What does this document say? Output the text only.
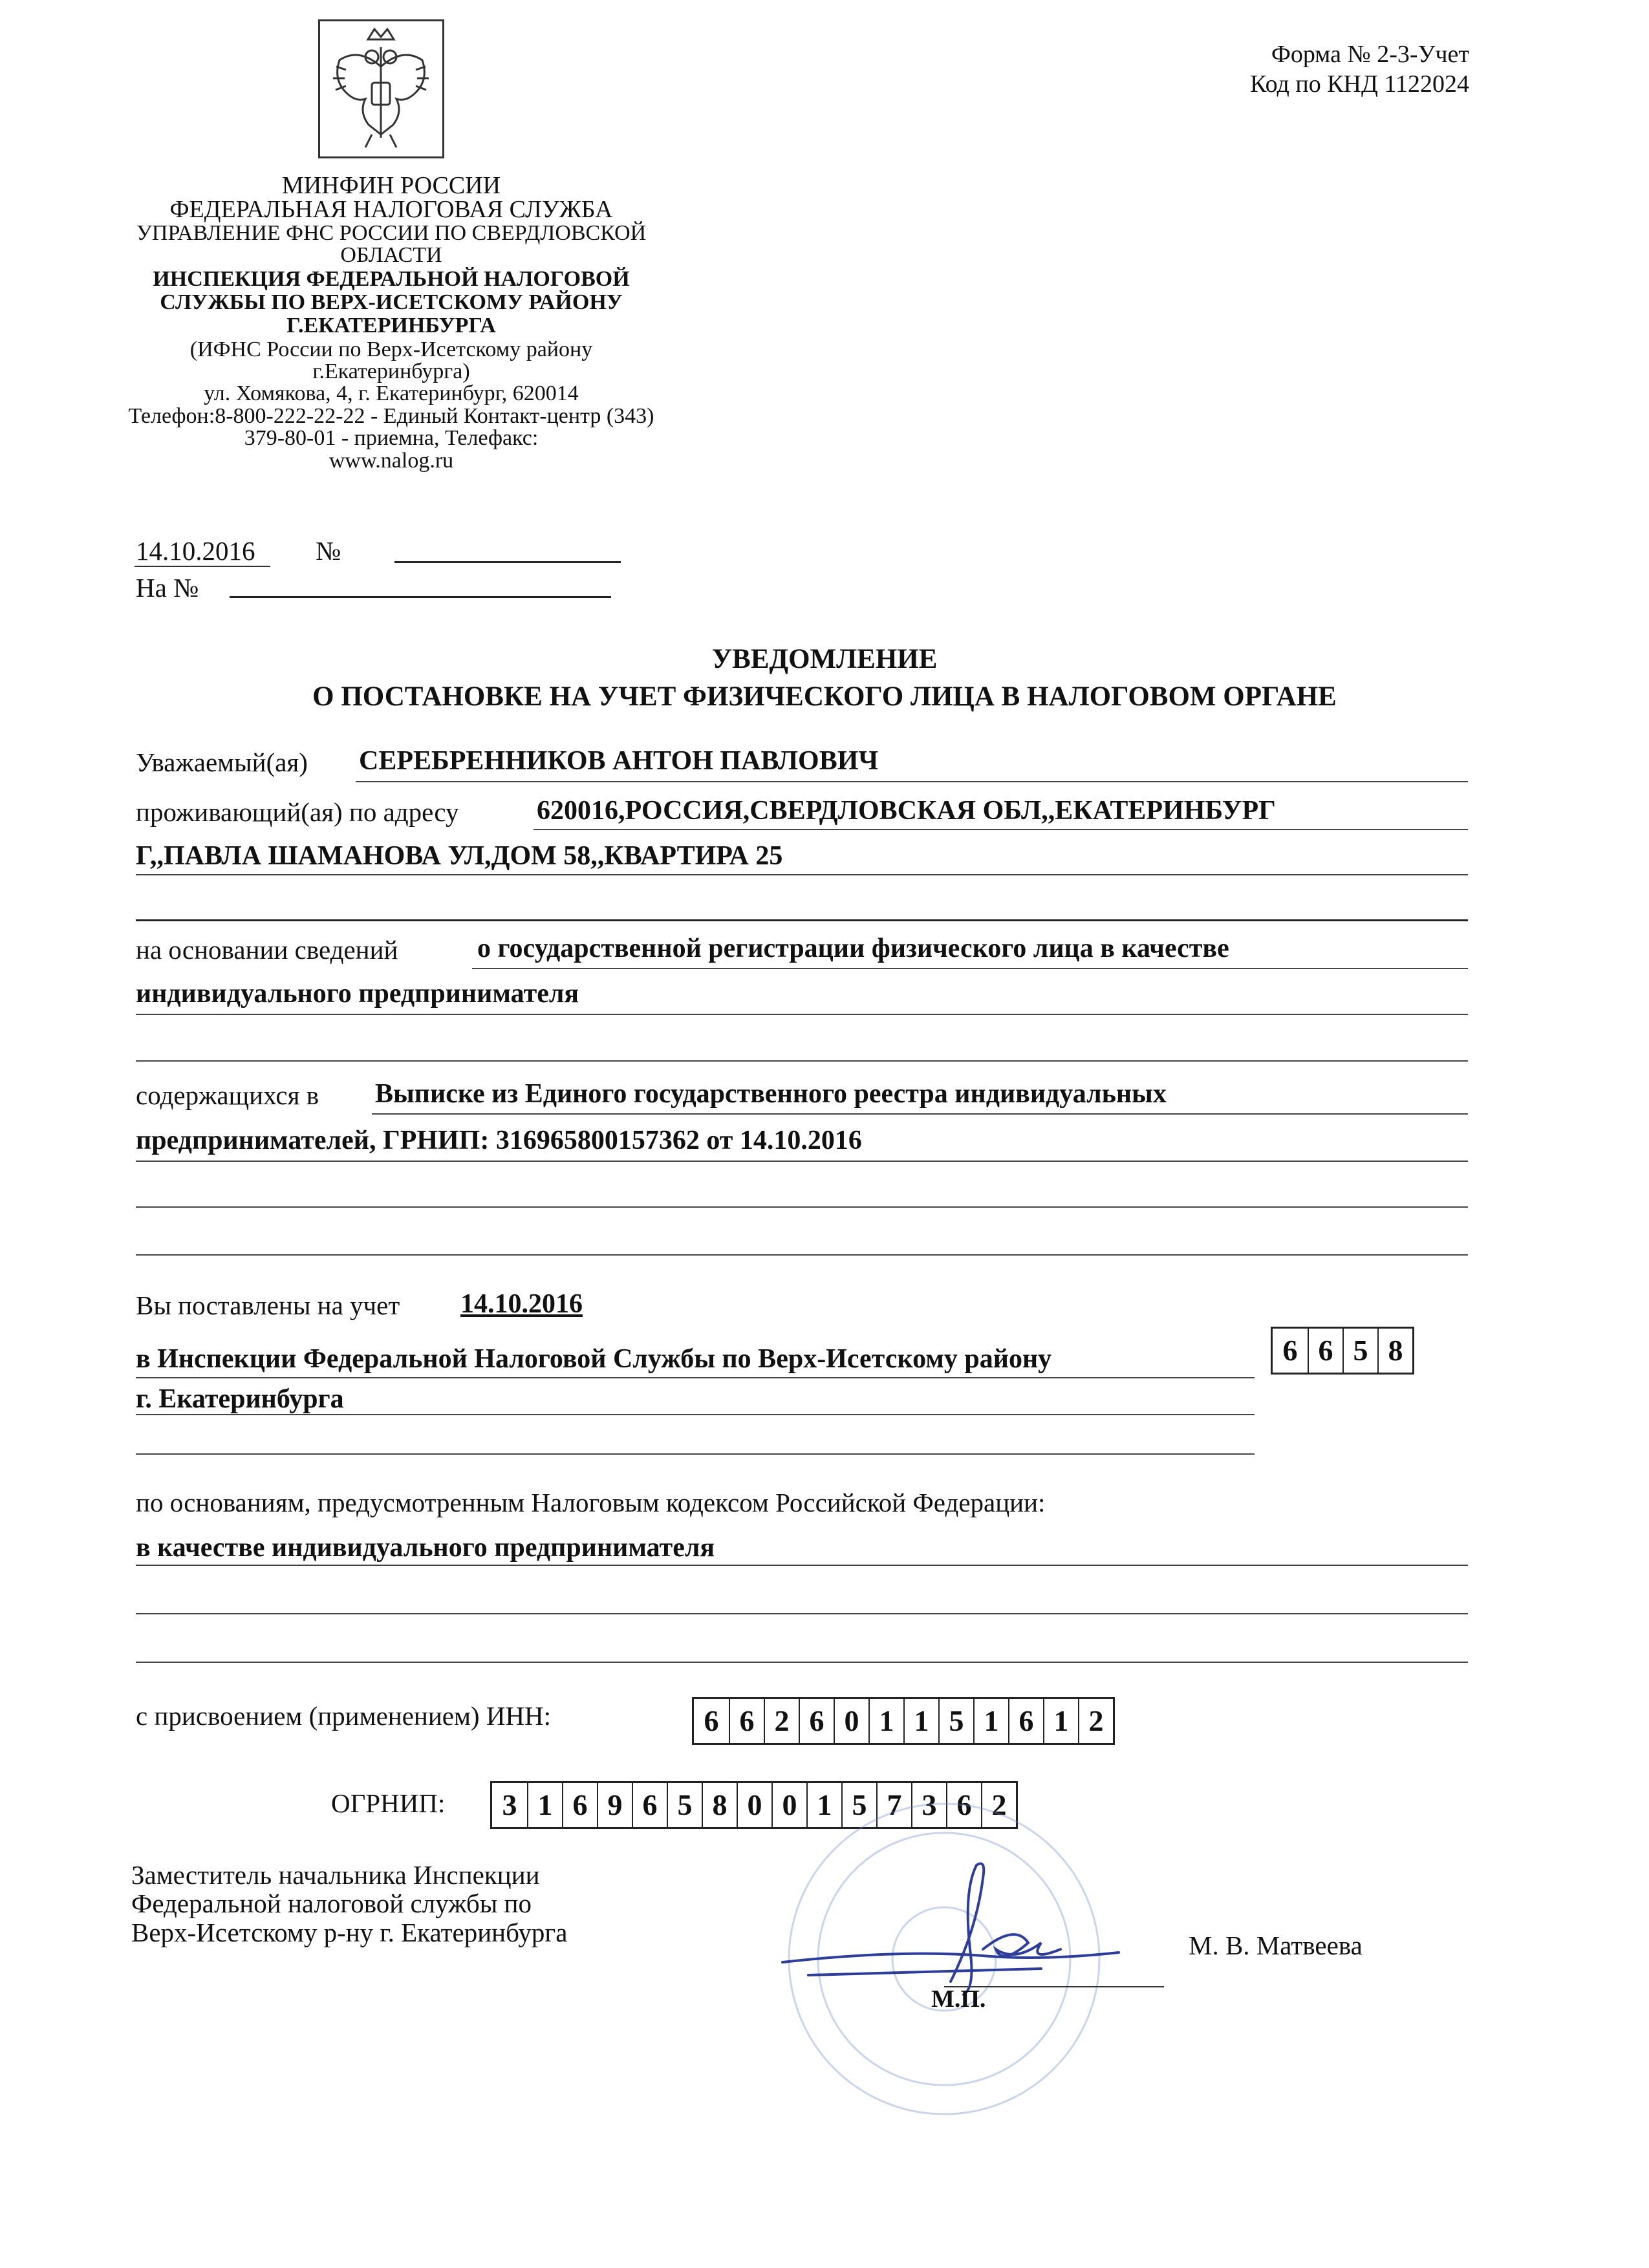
Форма № 2-3-Учет
Код по КНД 1122024
МИНФИН РОССИИ
ФЕДЕРАЛЬНАЯ НАЛОГОВАЯ СЛУЖБА
УПРАВЛЕНИЕ ФНС РОССИИ ПО СВЕРДЛОВСКОЙ
ОБЛАСТИ
ИНСПЕКЦИЯ ФЕДЕРАЛЬНОЙ НАЛОГОВОЙ
СЛУЖБЫ ПО ВЕРХ-ИСЕТСКОМУ РАЙОНУ
Г.ЕКАТЕРИНБУРГА
(ИФНС России по Верх-Исетскому району
г.Екатеринбурга)
ул. Хомякова, 4, г. Екатеринбург, 620014
Телефон:8-800-222-22-22 - Единый Контакт-центр (343)
379-80-01 - приемна, Телефакс:
www.nalog.ru
14.10.2016 №
На №
УВЕДОМЛЕНИЕ
О ПОСТАНОВКЕ НА УЧЕТ ФИЗИЧЕСКОГО ЛИЦА В НАЛОГОВОМ ОРГАНЕ
Уважаемый(ая) СЕРЕБРЕННИКОВ АНТОН ПАВЛОВИЧ
проживающий(ая) по адресу	620016,РОССИЯ,СВЕРДЛОВСКАЯ ОБЛ,,ЕКАТЕРИНБУРГ
Г,,ПАВЛА ШАМАНОВА УЛ,ДОМ 58,,КВАРТИРА 25
на основании сведений	о государственной регистрации физического лица в качестве
индивидуального предпринимателя
содержащихся в Выписке из Единого государственного реестра индивидуальных
предпринимателей, ГРНИП: 316965800157362 от 14.10.2016
Вы поставлены на учет 14.10.2016
в Инспекции Федеральной Налоговой Службы по Верх-Исетскому району
г. Екатеринбурга
6 6 5 8
по основаниям, предусмотренным Налоговым кодексом Российской Федерации:
в качестве индивидуального предпринимателя
с присвоением (применением) ИНН:	6 6 2 6 0 1 1 5 1 6 1 2
ОГРНИП:	3 1 6 9 6 5 8 0 0 1 5 7 3 6 2
Заместитель начальника Инспекции
Федеральной налоговой службы по
Верх-Исетскому р-ну г. Екатеринбурга
М.П.
М. В. Матвеева
